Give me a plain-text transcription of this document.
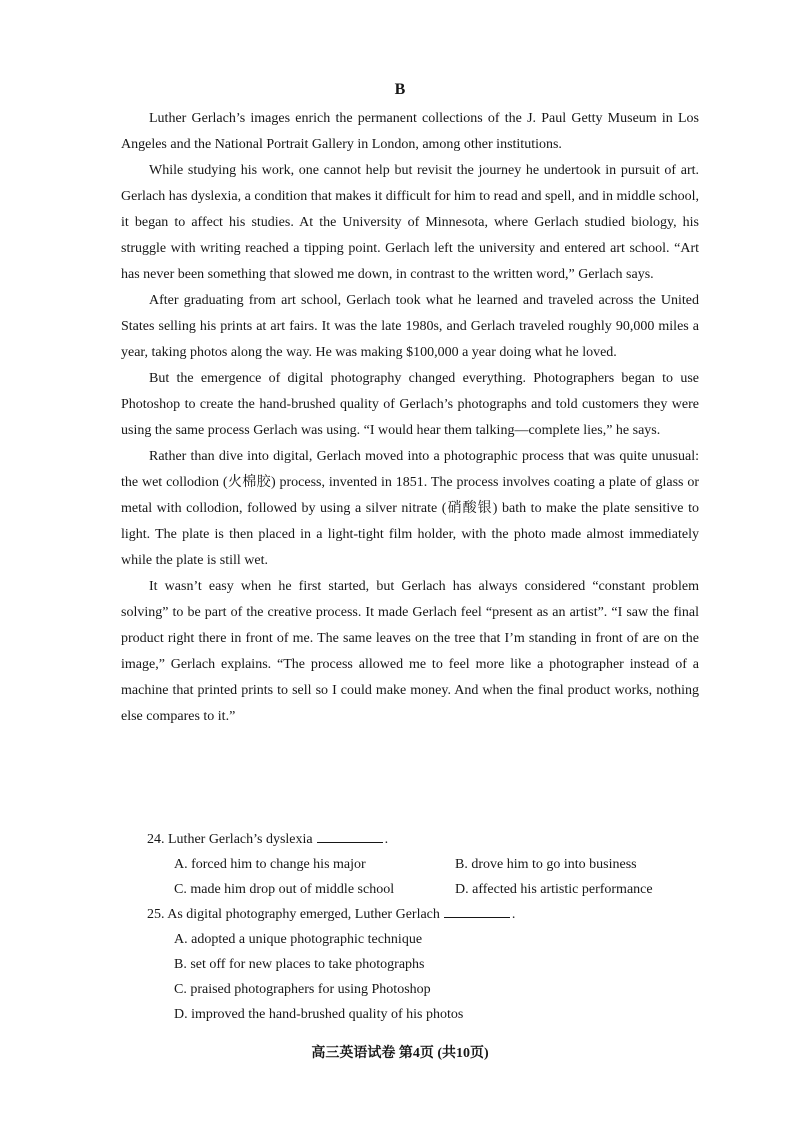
B

Luther Gerlach’s images enrich the permanent collections of the J. Paul Getty Museum in Los Angeles and the National Portrait Gallery in London, among other institutions.

While studying his work, one cannot help but revisit the journey he undertook in pursuit of art. Gerlach has dyslexia, a condition that makes it difficult for him to read and spell, and in middle school, it began to affect his studies. At the University of Minnesota, where Gerlach studied biology, his struggle with writing reached a tipping point. Gerlach left the university and entered art school. “Art has never been something that slowed me down, in contrast to the written word,” Gerlach says.

After graduating from art school, Gerlach took what he learned and traveled across the United States selling his prints at art fairs. It was the late 1980s, and Gerlach traveled roughly 90,000 miles a year, taking photos along the way. He was making $100,000 a year doing what he loved.

But the emergence of digital photography changed everything. Photographers began to use Photoshop to create the hand-brushed quality of Gerlach’s photographs and told customers they were using the same process Gerlach was using. “I would hear them talking—complete lies,” he says.

Rather than dive into digital, Gerlach moved into a photographic process that was quite unusual: the wet collodion (火棉胶) process, invented in 1851. The process involves coating a plate of glass or metal with collodion, followed by using a silver nitrate (硝酸银) bath to make the plate sensitive to light. The plate is then placed in a light-tight film holder, with the photo made almost immediately while the plate is still wet.

It wasn’t easy when he first started, but Gerlach has always considered “constant problem solving” to be part of the creative process. It made Gerlach feel “present as an artist”. “I saw the final product right there in front of me. The same leaves on the tree that I’m standing in front of are on the image,” Gerlach explains. “The process allowed me to feel more like a photographer instead of a machine that printed prints to sell so I could make money. And when the final product works, nothing else compares to it.”

24. Luther Gerlach’s dyslexia	.
A. forced him to change his major	B. drove him to go into business
C. made him drop out of middle school	D. affected his artistic performance
25. As digital photography emerged, Luther Gerlach	.
A. adopted a unique photographic technique
B. set off for new places to take photographs
C. praised photographers for using Photoshop
D. improved the hand-brushed quality of his photos
高三英语试卷 第4页 (共10页)
